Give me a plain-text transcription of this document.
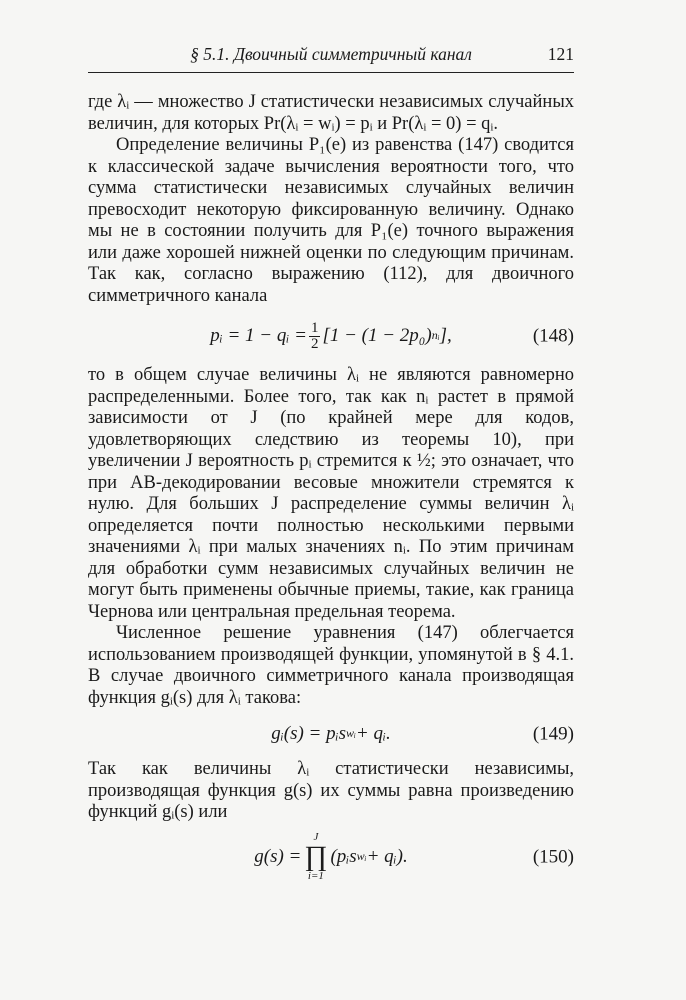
§ 5.1. Двоичный симметричный канал	121

где λᵢ — множество J статистически независимых случайных величин, для которых Pr(λᵢ = wᵢ) = pᵢ и Pr(λᵢ = 0) = qᵢ.

Определение величины P₁(e) из равенства (147) сводится к классической задаче вычисления вероятности того, что сумма статистически независимых случайных величин превосходит некоторую фиксированную величину. Однако мы не в состоянии получить для P₁(e) точного выражения или даже хорошей нижней оценки по следующим причинам. Так как, согласно выражению (112), для двоичного симметричного канала

pᵢ = 1 − qᵢ = $\frac{1}{2} [1 - (1 - 2p_0)$ nᵢ ],	(148)

то в общем случае величины λᵢ не являются равномерно распределенными. Более того, так как nᵢ растет в прямой зависимости от J (по крайней мере для кодов, удовлетворяющих следствию из теоремы 10), при увеличении J вероятность pᵢ стремится к ½; это означает, что при АВ-декодировании весовые множители стремятся к нулю. Для больших J распределение суммы величин λᵢ определяется почти полностью несколькими первыми значениями λᵢ при малых значениях nᵢ. По этим причинам для обработки сумм независимых случайных величин не могут быть применены обычные приемы, такие, как граница Чернова или центральная предельная теорема.

Численное решение уравнения (147) облегчается использованием производящей функции, упомянутой в § 4.1. В случае двоичного симметричного канала производящая функция gᵢ(s) для λᵢ такова:

gᵢ(s) = pᵢs wᵢ + qᵢ.	(149)

Так как величины λᵢ статистически независимы, производящая функция g(s) их суммы равна произведению функций gᵢ(s) или

g(s) =
J
∏
i=1
(pᵢs wᵢ + qᵢ).	(150)
